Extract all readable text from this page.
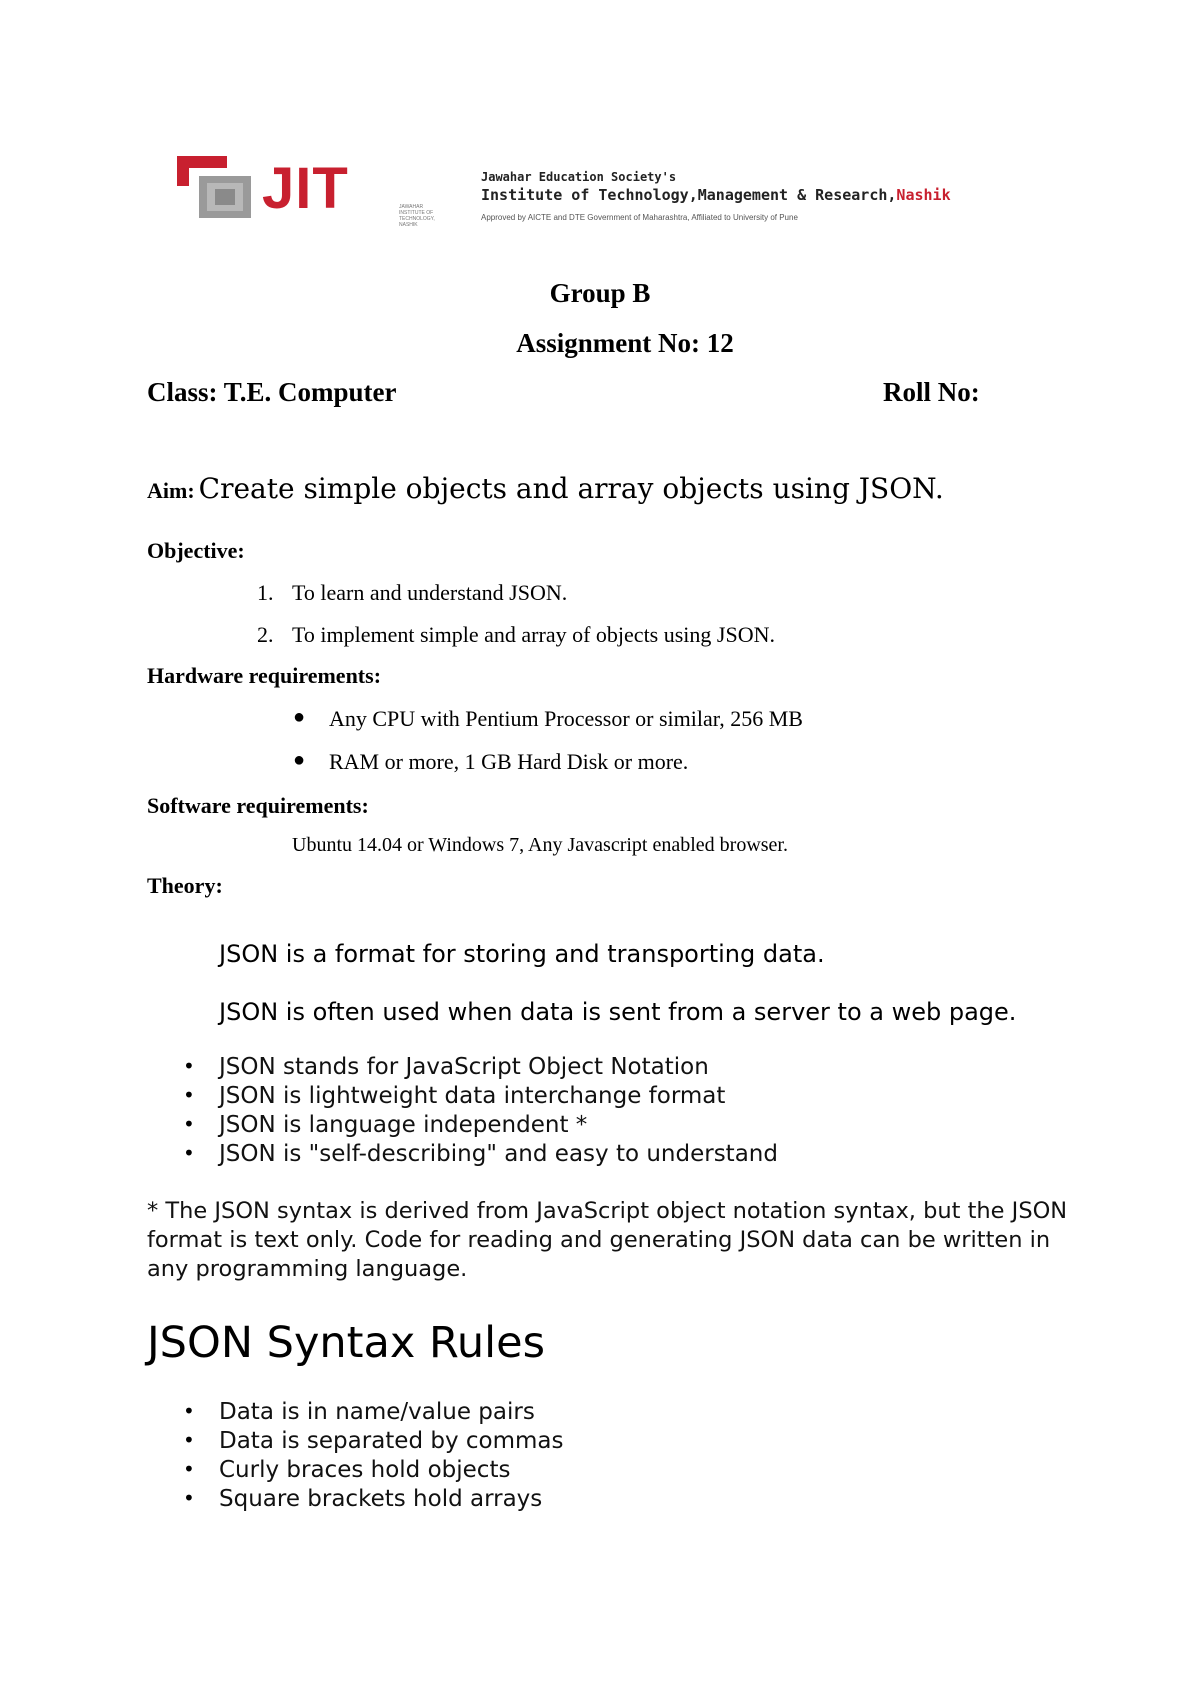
JIT	JAWAHAR INSTITUTE OF TECHNOLOGY, NASHIK
Jawahar Education Society's
Institute of Technology,Management & Research,Nashik
Approved by AICTE and DTE Government of Maharashtra, Affiliated to University of Pune
Group B
Assignment No: 12
Class: T.E. Computer	Roll No:
Aim: Create simple objects and array objects using JSON.
Objective:
1. To learn and understand JSON.
2. To implement simple and array of objects using JSON.
Hardware requirements:
● Any CPU with Pentium Processor or similar, 256 MB
● RAM or more, 1 GB Hard Disk or more.
Software requirements:
Ubuntu 14.04 or Windows 7, Any Javascript enabled browser.
Theory:
JSON is a format for storing and transporting data.
JSON is often used when data is sent from a server to a web page.
• JSON stands for JavaScript Object Notation
• JSON is lightweight data interchange format
• JSON is language independent *
• JSON is "self-describing" and easy to understand
* The JSON syntax is derived from JavaScript object notation syntax, but the JSON format is text only. Code for reading and generating JSON data can be written in any programming language.
JSON Syntax Rules
• Data is in name/value pairs
• Data is separated by commas
• Curly braces hold objects
• Square brackets hold arrays
